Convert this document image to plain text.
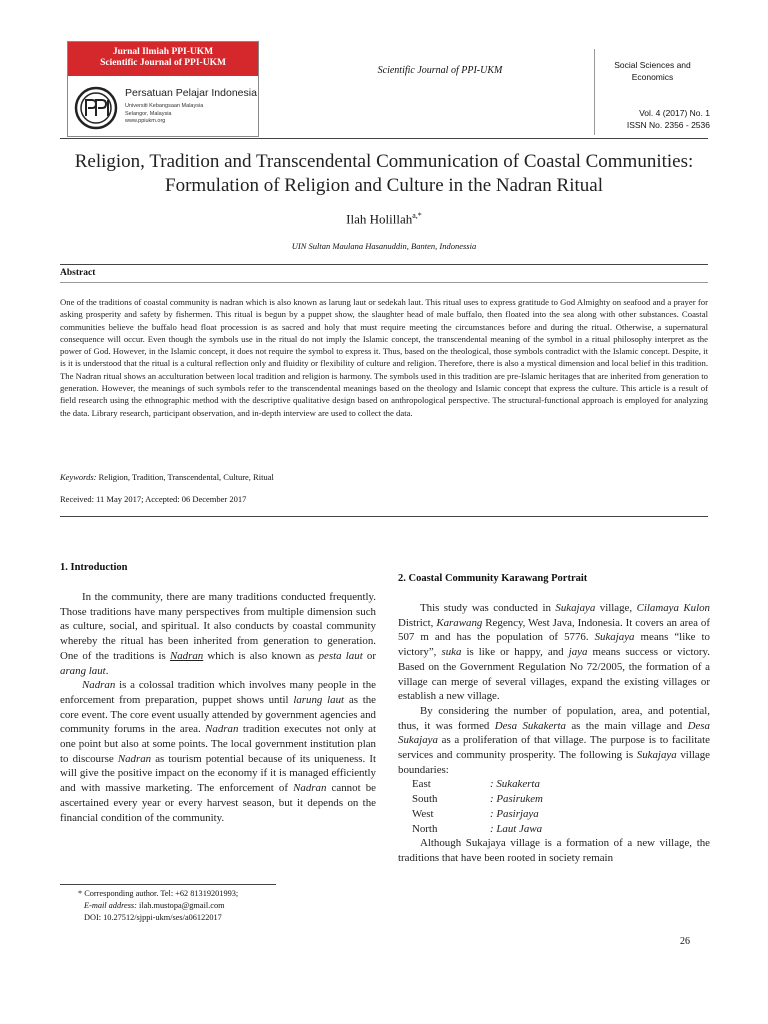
Jurnal Ilmiah PPI-UKM
Scientific Journal of PPI-UKM
Persatuan Pelajar Indonesia
Universiti Kebangsaan Malaysia
Selangor, Malaysia
www.ppiukm.org
Scientific Journal of PPI-UKM	Social Sciences and Economics
Vol. 4 (2017) No. 1
ISSN No. 2356 - 2536
Religion, Tradition and Transcendental Communication of Coastal Communities: Formulation of Religion and Culture in the Nadran Ritual
Ilah Holillah$^{a,*}$
UIN Sultan Maulana Hasanuddin, Banten, Indonessia
Abstract
One of the traditions of coastal community is nadran which is also known as larung laut or sedekah laut. This ritual uses to express gratitude to God Almighty on seafood and a prayer for asking prosperity and safety by fishermen. This ritual is begun by a puppet show, the slaughter head of male buffalo, then floated into the sea along with other substances. Coastal communities believe the buffalo head float procession is as sacred and holy that must require meeting the circumstances before and during the ritual. Otherwise, a supernatural consequence will occur. Even though the symbols use in the ritual do not imply the Islamic concept, the transcendental meaning of the symbol in a ritual philosophy interpret as the power of God. However, in the Islamic concept, it does not require the symbol to express it. Thus, based on the theological, those symbols contradict with the Islamic concept. Despite, it is it is understood that the ritual is a cultural reflection only and fluidity or flexibility of culture and religion. Therefore, there is also a mystical dimension and local belief in this tradition. The Nadran ritual shows an acculturation between local tradition and religion is harmony. The symbols used in this tradition are pre-Islamic heritages that are inherited from generation to generation. However, the meanings of such symbols refer to the transcendental meanings based on the theology and Islamic concept that express the culture. This article is a result of field research using the ethnographic method with the descriptive qualitative design based on anthropological perspective. The structural-functional approach is employed for analyzing the data. Library research, participant observation, and in-depth interview are used to collect the data.
Keywords: Religion, Tradition, Transcendental, Culture, Ritual
Received: 11 May 2017; Accepted: 06 December 2017
1. Introduction

In the community, there are many traditions conducted frequently. Those traditions have many perspectives from multiple dimension such as culture, social, and spiritual. It also conducts by coastal community whereby the ritual has been inherited from generation to generation. One of the traditions is Nadran which is also known as pesta laut or arang laut.

Nadran is a colossal tradition which involves many people in the enforcement from preparation, puppet shows until larung laut as the core event. The core event usually attended by government agencies and community forums in the area. Nadran tradition executes not only at one point but also at some points. The local government institution plan to discourse Nadran as tourism potential because of its uniqueness. It will give the positive impact on the economy if it is managed efficiently and with massive marketing. The enforcement of Nadran cannot be ascertained every year or every harvest season, but it depends on the financial condition of the community.

* Corresponding author. Tel: +62 81319201993;
E-mail address: ilah.mustopa@gmail.com
DOI: 10.27512/sjppi-ukm/ses/a06122017
2. Coastal Community Karawang Portrait

This study was conducted in Sukajaya village, Cilamaya Kulon District, Karawang Regency, West Java, Indonesia. It covers an area of 507 m and has the population of 5776. Sukajaya means “like to victory”, suka is like or happy, and jaya means success or victory. Based on the Government Regulation No 72/2005, the formation of a village can merge of several villages, expand the existing villages or establish a new village.

By considering the number of population, area, and potential, thus, it was formed Desa Sukakerta as the main village and Desa Sukajaya as a proliferation of that village. The purpose is to facilitate services and community prosperity. The following is Sukajaya village boundaries:

East	: Sukakerta
South	: Pasirukem
West	: Pasirjaya
North	: Laut Jawa

Although Sukajaya village is a formation of a new village, the traditions that have been rooted in society remain

26
